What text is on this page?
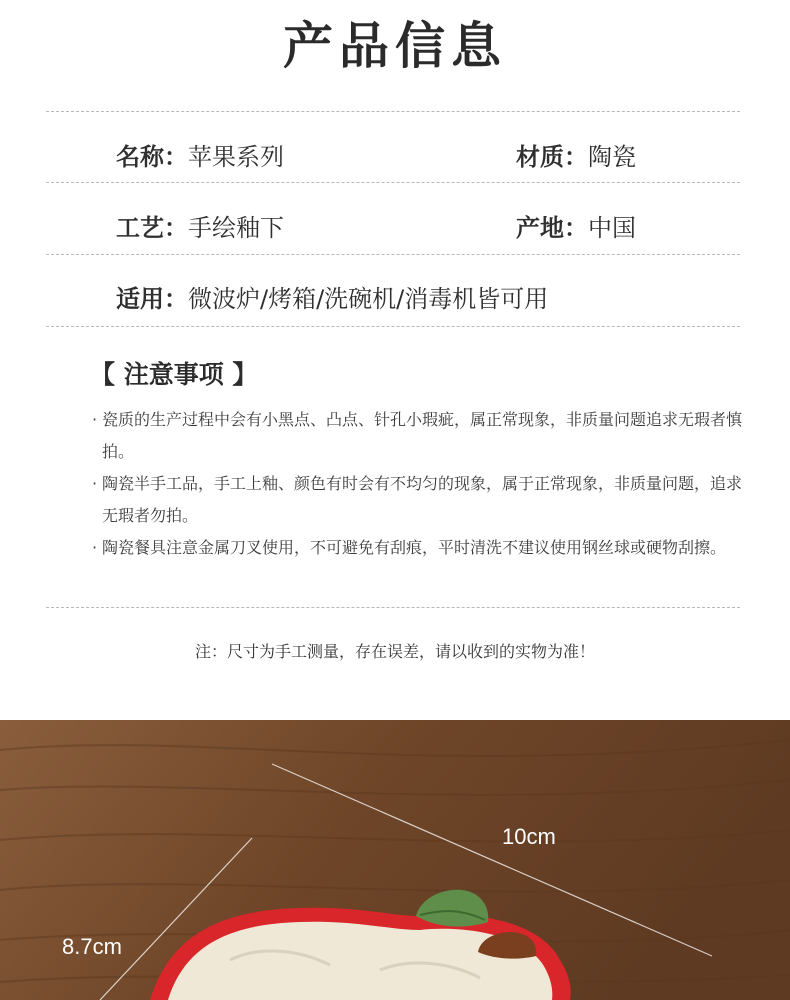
产品信息
名称：苹果系列	材质：陶瓷
工艺：手绘釉下	产地：中国
适用：微波炉/烤箱/洗碗机/消毒机皆可用
【 注意事项 】
· 瓷质的生产过程中会有小黑点、凸点、针孔小瑕疵，属正常现象，非质量问题追求无瑕者慎拍。
· 陶瓷半手工品，手工上釉、颜色有时会有不均匀的现象，属于正常现象，非质量问题，追求无瑕者勿拍。
· 陶瓷餐具注意金属刀叉使用，不可避免有刮痕，平时清洗不建议使用钢丝球或硬物刮擦。
注：尺寸为手工测量，存在误差，请以收到的实物为准！
10cm
8.7cm
